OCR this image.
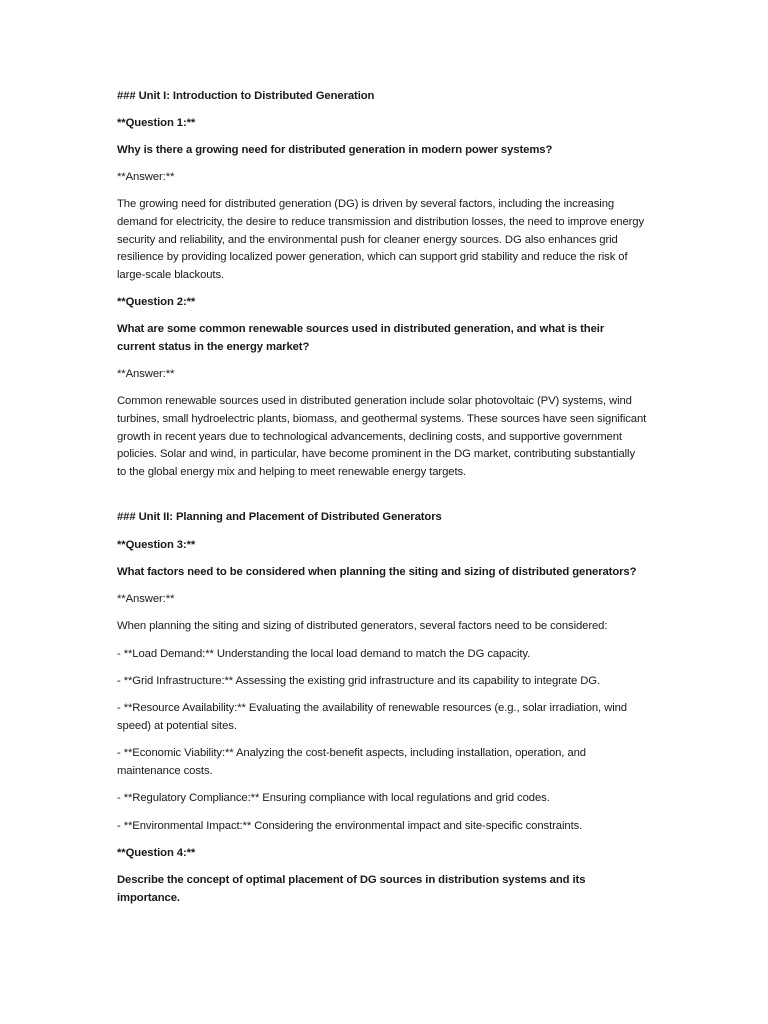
### Unit I: Introduction to Distributed Generation

**Question 1:**

Why is there a growing need for distributed generation in modern power systems?

**Answer:**

The growing need for distributed generation (DG) is driven by several factors, including the increasing demand for electricity, the desire to reduce transmission and distribution losses, the need to improve energy security and reliability, and the environmental push for cleaner energy sources. DG also enhances grid resilience by providing localized power generation, which can support grid stability and reduce the risk of large-scale blackouts.

**Question 2:**

What are some common renewable sources used in distributed generation, and what is their current status in the energy market?

**Answer:**

Common renewable sources used in distributed generation include solar photovoltaic (PV) systems, wind turbines, small hydroelectric plants, biomass, and geothermal systems. These sources have seen significant growth in recent years due to technological advancements, declining costs, and supportive government policies. Solar and wind, in particular, have become prominent in the DG market, contributing substantially to the global energy mix and helping to meet renewable energy targets.

### Unit II: Planning and Placement of Distributed Generators

**Question 3:**

What factors need to be considered when planning the siting and sizing of distributed generators?

**Answer:**

When planning the siting and sizing of distributed generators, several factors need to be considered:

- **Load Demand:** Understanding the local load demand to match the DG capacity.

- **Grid Infrastructure:** Assessing the existing grid infrastructure and its capability to integrate DG.

- **Resource Availability:** Evaluating the availability of renewable resources (e.g., solar irradiation, wind speed) at potential sites.

- **Economic Viability:** Analyzing the cost-benefit aspects, including installation, operation, and maintenance costs.

- **Regulatory Compliance:** Ensuring compliance with local regulations and grid codes.

- **Environmental Impact:** Considering the environmental impact and site-specific constraints.

**Question 4:**

Describe the concept of optimal placement of DG sources in distribution systems and its importance.
